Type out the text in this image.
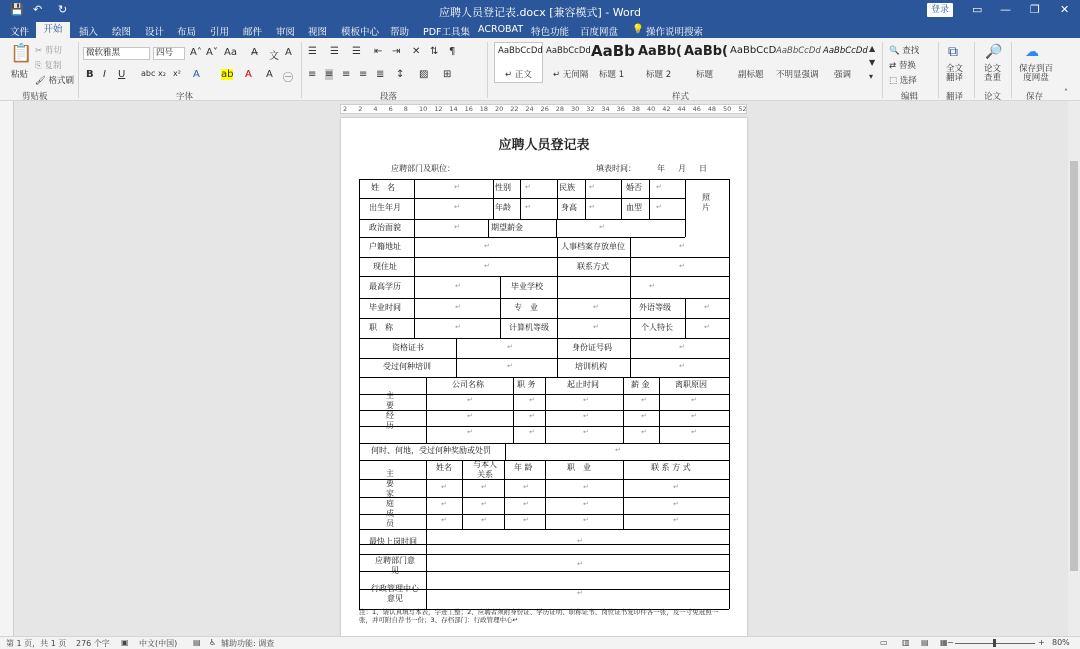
💾 ↶ ↻	应聘人员登记表.docx [兼容模式] - Word	登录	▭ — ❐ ✕
文件	开始	插入 绘图 设计 布局 引用 邮件 审阅 视图 模板中心 帮助 PDF工具集 ACROBAT 特色功能 百度网盘 💡 操作说明搜索
📋
粘贴
✂ 剪切
⎘ 复制
🖌 格式刷
剪贴板
微软雅黑	四号	A˄ A˅ Aa A̶ 文 A
B I U abc x₂ x² A ab A A ㊀
字体
☰ ☰ ☰ ⇤ ⇥ ✕ ⇅ ¶
≡ ≡ ≡ ≡ ≣ ↕ ▨ ⊞
段落
AaBbCcDd
↵ 正文
AaBbCcDd
↵ 无间隔
AaBb
标题 1
AaBb(
标题 2
AaBb(
标题
AaBbCcD
副标题
AaBbCcDd
不明显强调
AaBbCcDd
强调
▲
▼
▾
样式
🔍 查找
⇄ 替换
⬚ 选择
编辑
⧉
全文翻译
翻译
🔎
论文查重
论文
☁
保存到百度网盘
保存	˄
2 2 4 6 8 10 12 14 16 18 20 22 24 26 28 30 32 34 36 38 40 42 44 46 48 50 52
应聘人员登记表
应聘部门及职位：	填表时间：	年 月 日
姓　名	性别	民族	婚否
照片
出生年月	年龄	身高	血型
政治面貌	期望薪金
↵	↵	↵	↵
↵	↵	↵	↵
↵	↵
户籍地址	人事档案存放单位
现住址	联系方式
↵	↵
↵	↵
最高学历	毕业学校
毕业时间	专　业	外语等级
职　称	计算机等级	个人特长
↵	↵
↵	↵	↵
↵	↵	↵
资格证书	身份证号码
受过何种培训	培训机构
↵	↵
↵	↵
主要经历
公司名称	职 务	起止时间	薪 金	离职原因
↵	↵	↵	↵	↵
↵	↵	↵	↵	↵
↵	↵	↵	↵	↵
何时、何地，受过何种奖励或处罚	↵
主要家庭成员
姓名	与本人关系
年 龄	职　业	联 系 方 式
↵	↵	↵	↵	↵
↵	↵	↵	↵	↵
↵	↵	↵	↵	↵
最快上岗时间	↵
应聘部门意　见
↵
行政管理中心意见
↵
注：1、请认真填写本表，字迹工整；2、应聘者须附身份证、学历证明、职称证书、岗位证书复印件各一张，及一寸免冠照一张，并可附自荐书一份；3、存档部门：行政管理中心↵
第 1 页，共 1 页 276 个字 ▣ 中文(中国) ▤ ♿ 辅助功能: 调查	▭ ▥ ▤ ▦ −	+ 80%
